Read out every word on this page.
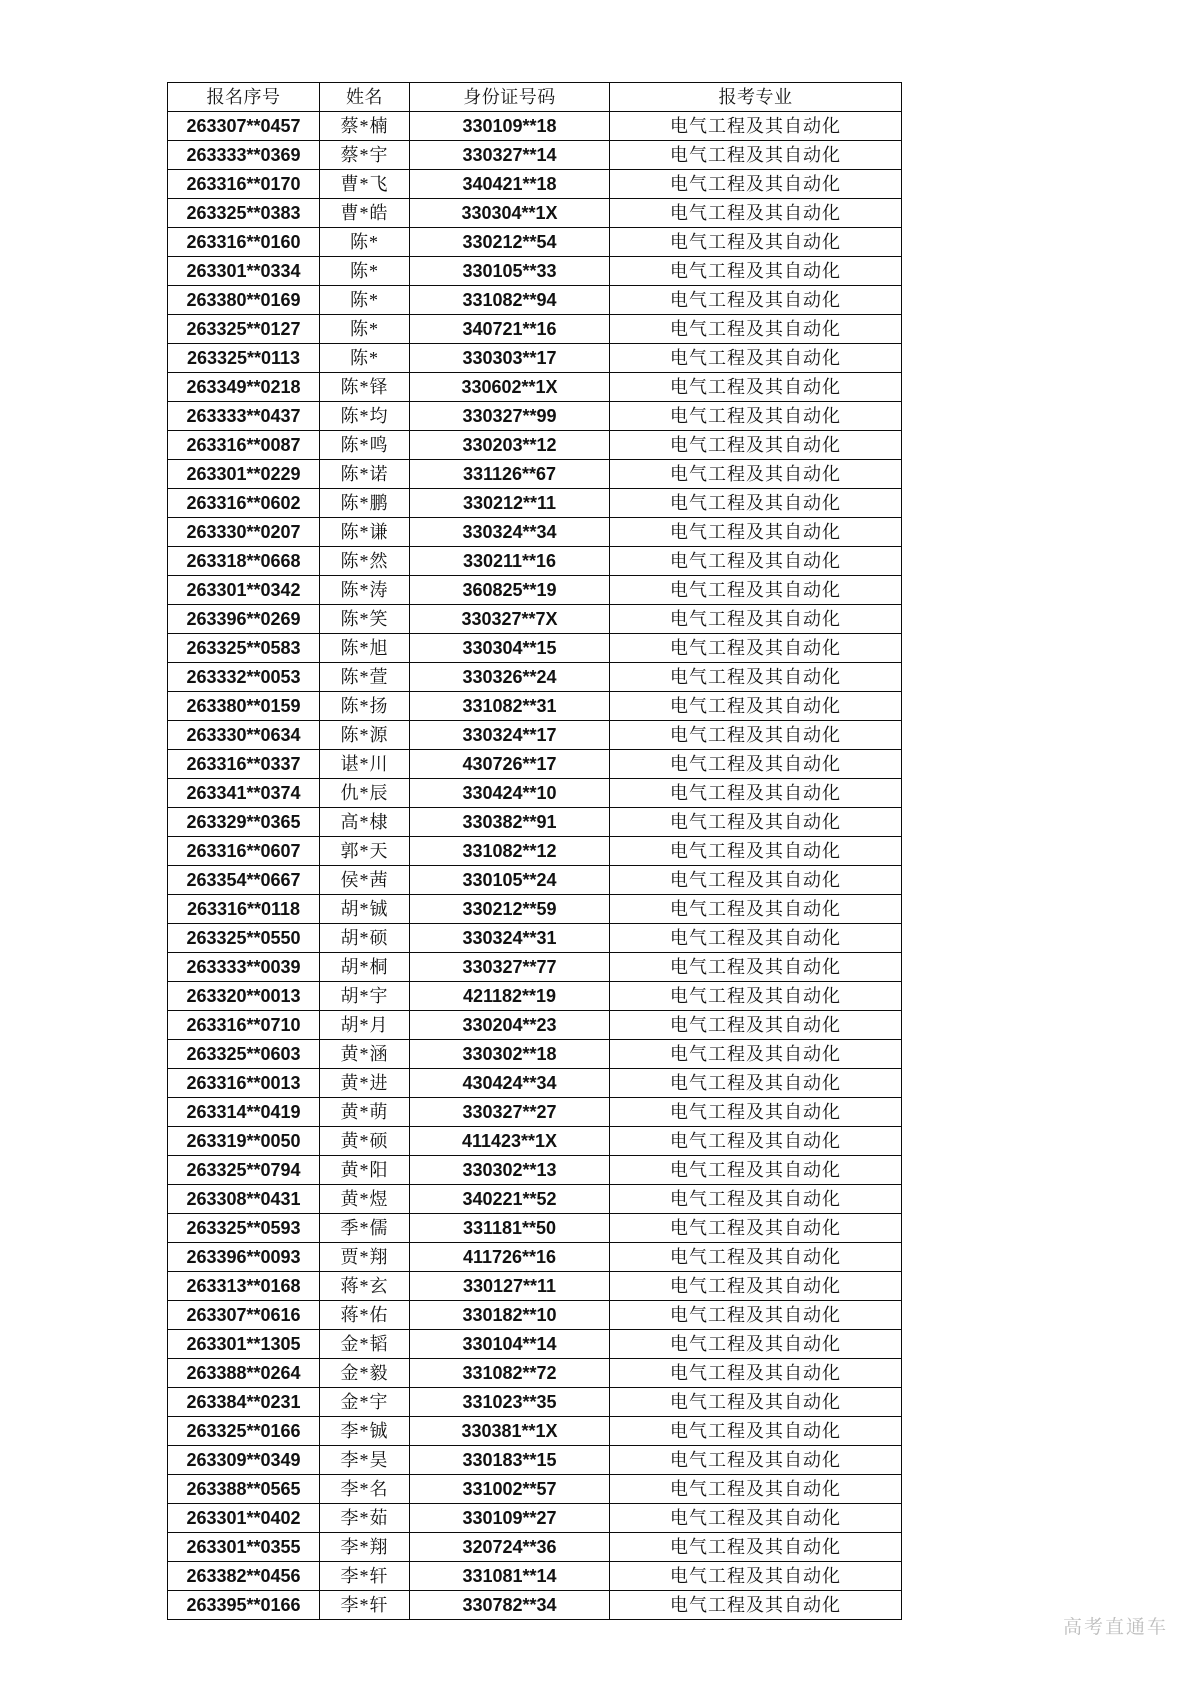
报名序号	姓名	身份证号码	报考专业
263307**0457	蔡*楠	330109**18	电气工程及其自动化
263333**0369	蔡*宇	330327**14	电气工程及其自动化
263316**0170	曹*飞	340421**18	电气工程及其自动化
263325**0383	曹*皓	330304**1X	电气工程及其自动化
263316**0160	陈*	330212**54	电气工程及其自动化
263301**0334	陈*	330105**33	电气工程及其自动化
263380**0169	陈*	331082**94	电气工程及其自动化
263325**0127	陈*	340721**16	电气工程及其自动化
263325**0113	陈*	330303**17	电气工程及其自动化
263349**0218	陈*铎	330602**1X	电气工程及其自动化
263333**0437	陈*均	330327**99	电气工程及其自动化
263316**0087	陈*鸣	330203**12	电气工程及其自动化
263301**0229	陈*诺	331126**67	电气工程及其自动化
263316**0602	陈*鹏	330212**11	电气工程及其自动化
263330**0207	陈*谦	330324**34	电气工程及其自动化
263318**0668	陈*然	330211**16	电气工程及其自动化
263301**0342	陈*涛	360825**19	电气工程及其自动化
263396**0269	陈*笑	330327**7X	电气工程及其自动化
263325**0583	陈*旭	330304**15	电气工程及其自动化
263332**0053	陈*萱	330326**24	电气工程及其自动化
263380**0159	陈*扬	331082**31	电气工程及其自动化
263330**0634	陈*源	330324**17	电气工程及其自动化
263316**0337	谌*川	430726**17	电气工程及其自动化
263341**0374	仇*辰	330424**10	电气工程及其自动化
263329**0365	高*棣	330382**91	电气工程及其自动化
263316**0607	郭*天	331082**12	电气工程及其自动化
263354**0667	侯*茜	330105**24	电气工程及其自动化
263316**0118	胡*铖	330212**59	电气工程及其自动化
263325**0550	胡*硕	330324**31	电气工程及其自动化
263333**0039	胡*桐	330327**77	电气工程及其自动化
263320**0013	胡*宇	421182**19	电气工程及其自动化
263316**0710	胡*月	330204**23	电气工程及其自动化
263325**0603	黄*涵	330302**18	电气工程及其自动化
263316**0013	黄*进	430424**34	电气工程及其自动化
263314**0419	黄*萌	330327**27	电气工程及其自动化
263319**0050	黄*硕	411423**1X	电气工程及其自动化
263325**0794	黄*阳	330302**13	电气工程及其自动化
263308**0431	黄*煜	340221**52	电气工程及其自动化
263325**0593	季*儒	331181**50	电气工程及其自动化
263396**0093	贾*翔	411726**16	电气工程及其自动化
263313**0168	蒋*玄	330127**11	电气工程及其自动化
263307**0616	蒋*佑	330182**10	电气工程及其自动化
263301**1305	金*韬	330104**14	电气工程及其自动化
263388**0264	金*毅	331082**72	电气工程及其自动化
263384**0231	金*宇	331023**35	电气工程及其自动化
263325**0166	李*铖	330381**1X	电气工程及其自动化
263309**0349	李*昊	330183**15	电气工程及其自动化
263388**0565	李*名	331002**57	电气工程及其自动化
263301**0402	李*茹	330109**27	电气工程及其自动化
263301**0355	李*翔	320724**36	电气工程及其自动化
263382**0456	李*轩	331081**14	电气工程及其自动化
263395**0166	李*轩	330782**34	电气工程及其自动化
高考直通车
